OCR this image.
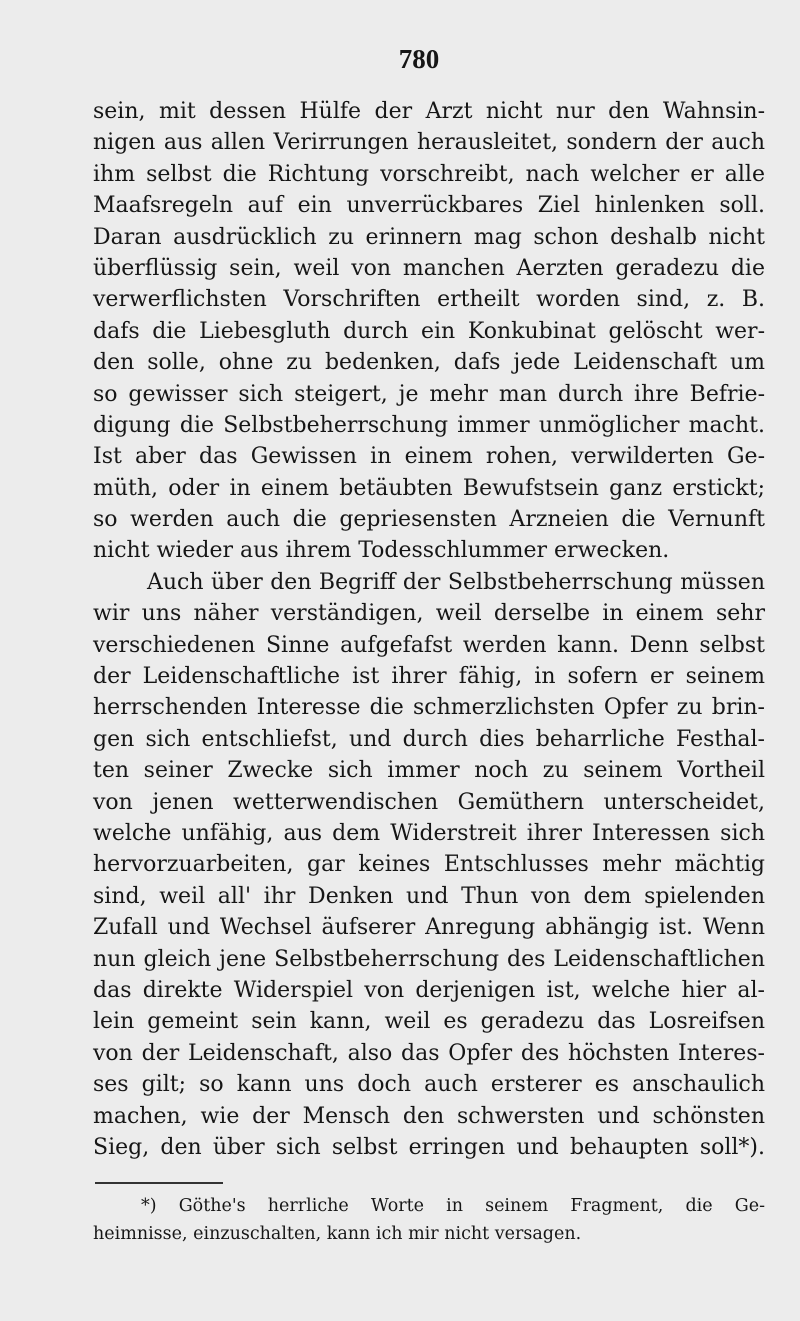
780
sein, mit dessen Hülfe der Arzt nicht nur den Wahnsin-
nigen aus allen Verirrungen herausleitet, sondern der auch
ihm selbst die Richtung vorschreibt, nach welcher er alle
Maafsregeln auf ein unverrückbares Ziel hinlenken soll.
Daran ausdrücklich zu erinnern mag schon deshalb nicht
überflüssig sein, weil von manchen Aerzten geradezu die
verwerflichsten Vorschriften ertheilt worden sind, z. B.
dafs die Liebesgluth durch ein Konkubinat gelöscht wer-
den solle, ohne zu bedenken, dafs jede Leidenschaft um
so gewisser sich steigert, je mehr man durch ihre Befrie-
digung die Selbstbeherrschung immer unmöglicher macht.
Ist aber das Gewissen in einem rohen, verwilderten Ge-
müth, oder in einem betäubten Bewufstsein ganz erstickt;
so werden auch die gepriesensten Arzneien die Vernunft
nicht wieder aus ihrem Todesschlummer erwecken.
Auch über den Begriff der Selbstbeherrschung müssen
wir uns näher verständigen, weil derselbe in einem sehr
verschiedenen Sinne aufgefafst werden kann. Denn selbst
der Leidenschaftliche ist ihrer fähig, in sofern er seinem
herrschenden Interesse die schmerzlichsten Opfer zu brin-
gen sich entschliefst, und durch dies beharrliche Festhal-
ten seiner Zwecke sich immer noch zu seinem Vortheil
von jenen wetterwendischen Gemüthern unterscheidet,
welche unfähig, aus dem Widerstreit ihrer Interessen sich
hervorzuarbeiten, gar keines Entschlusses mehr mächtig
sind, weil all' ihr Denken und Thun von dem spielenden
Zufall und Wechsel äufserer Anregung abhängig ist. Wenn
nun gleich jene Selbstbeherrschung des Leidenschaftlichen
das direkte Widerspiel von derjenigen ist, welche hier al-
lein gemeint sein kann, weil es geradezu das Losreifsen
von der Leidenschaft, also das Opfer des höchsten Interes-
ses gilt; so kann uns doch auch ersterer es anschaulich
machen, wie der Mensch den schwersten und schönsten
Sieg, den über sich selbst erringen und behaupten soll*).
*) Göthe's herrliche Worte in seinem Fragment, die Ge-
heimnisse, einzuschalten, kann ich mir nicht versagen.
